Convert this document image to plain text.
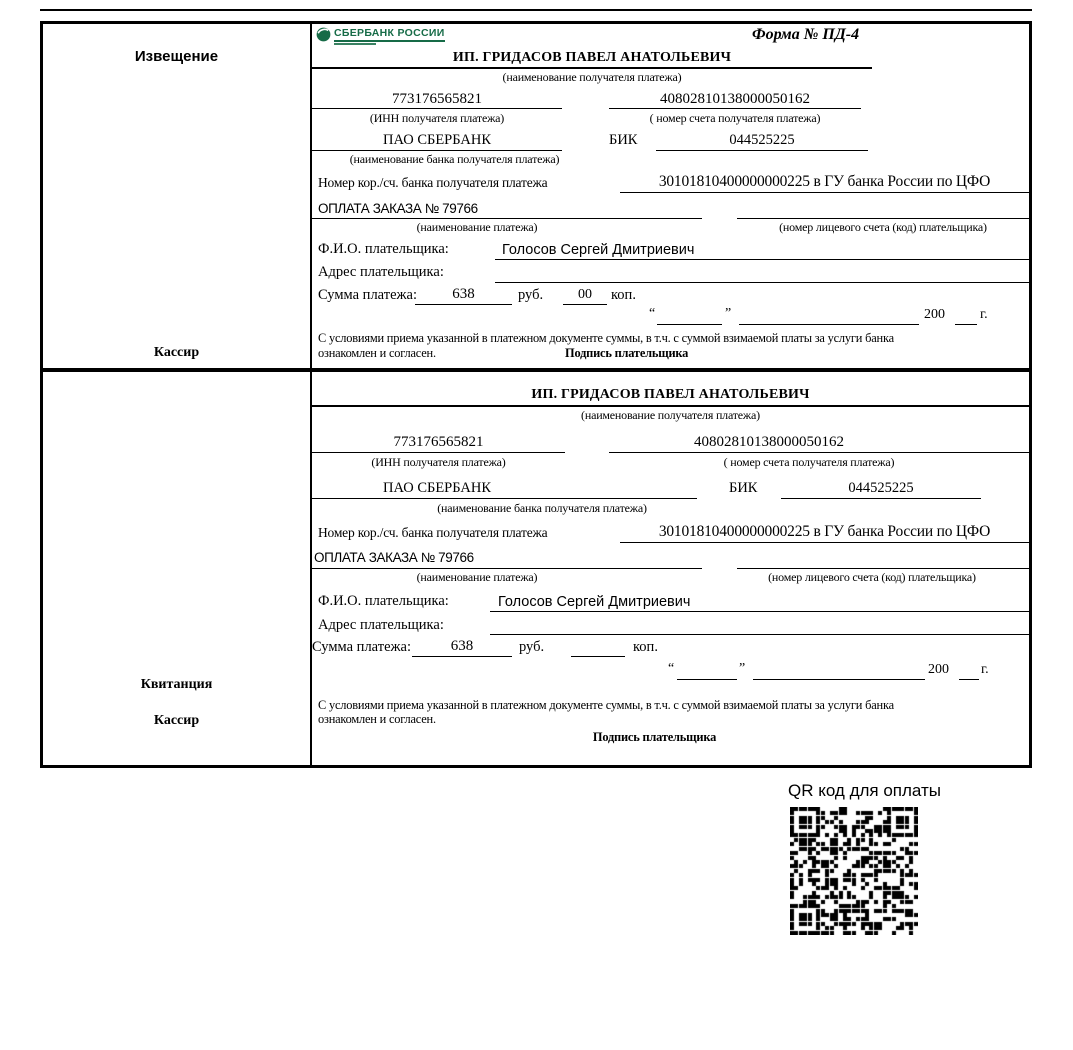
Извещение
Кассир
СБЕРБАНК РОССИИ	Форма № ПД-4
ИП. ГРИДАСОВ ПАВЕЛ АНАТОЛЬЕВИЧ
(наименование получателя платежа)
773176565821	40802810138000050162
(ИНН получателя платежа)	( номер счета получателя платежа)
ПАО СБЕРБАНК	БИК	044525225
(наименование банка получателя платежа)
Номер кор./сч. банка получателя платежа	30101810400000000225 в ГУ банка России по ЦФО
ОПЛАТА ЗАКАЗА № 79766
(наименование платежа)	(номер лицевого счета (код) плательщика)
Ф.И.О. плательщика:	Голосов Сергей Дмитриевич
Адрес плательщика:
Сумма платежа:	638	руб.	00	коп.
“	”	200	г.
С условиями приема указанной в платежном документе суммы, в т.ч. с суммой взимаемой платы за услуги банка
ознакомлен и согласен.	Подпись плательщика
Квитанция
Кассир
ИП. ГРИДАСОВ ПАВЕЛ АНАТОЛЬЕВИЧ
(наименование получателя платежа)
773176565821	40802810138000050162
(ИНН получателя платежа)	( номер счета получателя платежа)
ПАО СБЕРБАНК	БИК	044525225
(наименование банка получателя платежа)
Номер кор./сч. банка получателя платежа	30101810400000000225 в ГУ банка России по ЦФО
ОПЛАТА ЗАКАЗА № 79766
(наименование платежа)	(номер лицевого счета (код) плательщика)
Ф.И.О. плательщика:	Голосов Сергей Дмитриевич
Адрес плательщика:
Сумма платежа:	638	руб.	коп.
“	”	200 г.
С условиями приема указанной в платежном документе суммы, в т.ч. с суммой взимаемой платы за услуги банка
ознакомлен и согласен.
Подпись плательщика
QR код для оплаты
